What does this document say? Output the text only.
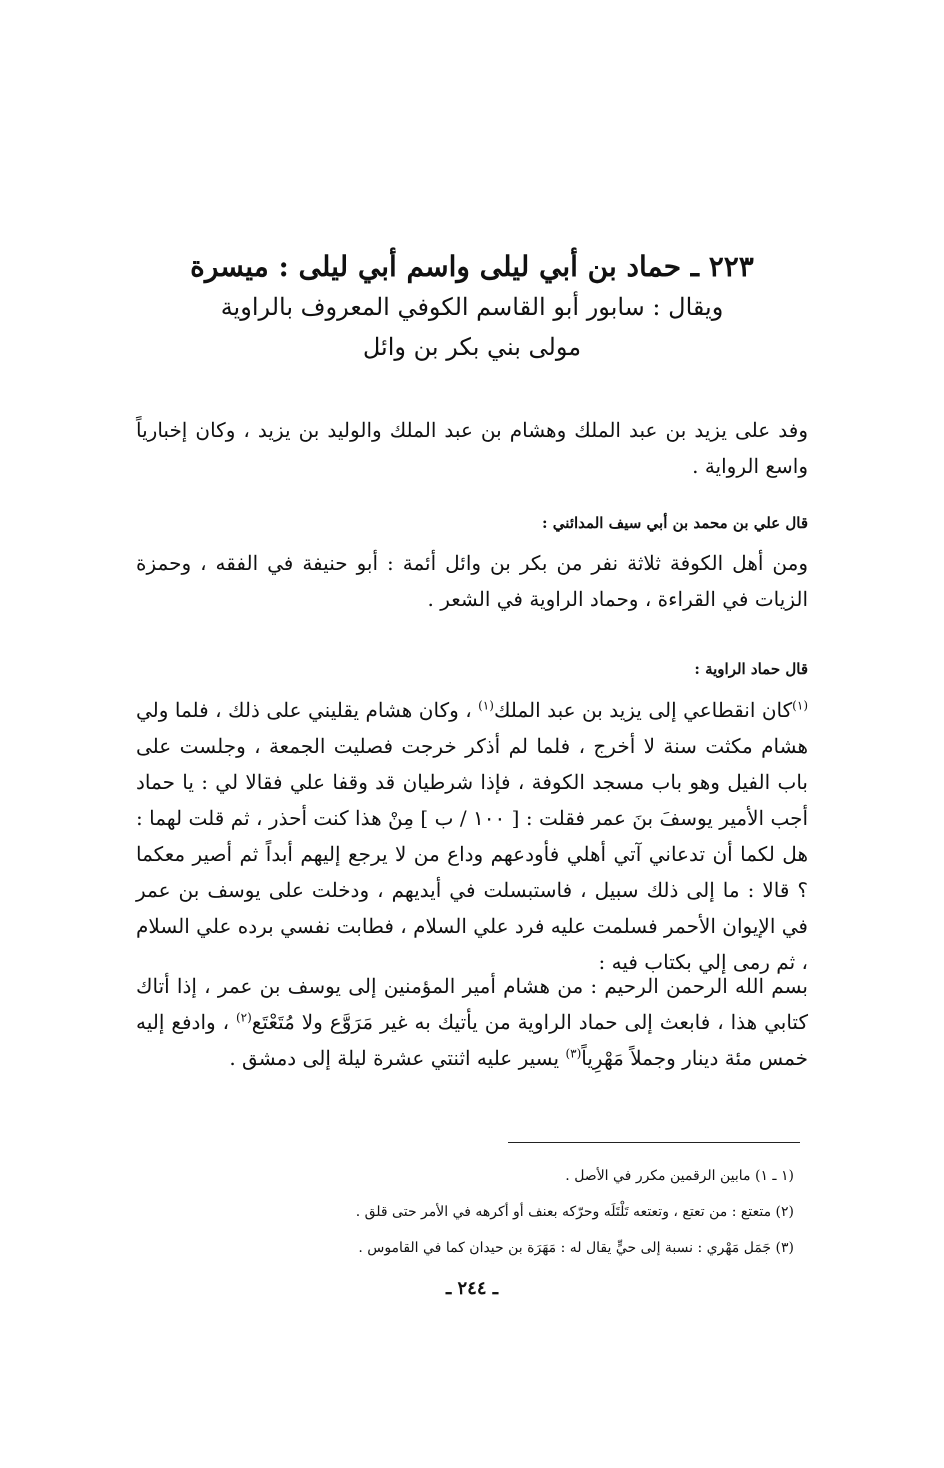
٢٢٣ ـ حماد بن أبي ليلى واسم أبي ليلى : ميسرة
ويقال : سابور أبو القاسم الكوفي المعروف بالراوية
مولى بني بكر بن وائل
وفد على يزيد بن عبد الملك وهشام بن عبد الملك والوليد بن يزيد ، وكان إخبارياً واسع الرواية .
قال علي بن محمد بن أبي سيف المدائني :
ومن أهل الكوفة ثلاثة نفر من بكر بن وائل أئمة : أبو حنيفة في الفقه ، وحمزة الزيات في القراءة ، وحماد الراوية في الشعر .
قال حماد الراوية :
$^{(١)}$كان انقطاعي إلى يزيد بن عبد الملك$^{(١)}$ ، وكان هشام يقليني على ذلك ، فلما ولي هشام مكثت سنة لا أخرج ، فلما لم أذكر خرجت فصليت الجمعة ، وجلست على باب الفيل وهو باب مسجد الكوفة ، فإذا شرطيان قد وقفا علي فقالا لي : يا حماد أجب الأمير يوسفَ بنَ عمر فقلت : [ ١٠٠ / ب ] مِنْ هذا كنت أحذر ، ثم قلت لهما : هل لكما أن تدعاني آتي أهلي فأودعهم وداع من لا يرجع إليهم أبداً ثم أصير معكما ؟ قالا : ما إلى ذلك سبيل ، فاستبسلت في أيديهم ، ودخلت على يوسف بن عمر في الإيوان الأحمر فسلمت عليه فرد علي السلام ، فطابت نفسي برده علي السلام ، ثم رمى إلي بكتاب فيه :
بسم الله الرحمن الرحيم : من هشام أمير المؤمنين إلى يوسف بن عمر ، إذا أتاك كتابي هذا ، فابعث إلى حماد الراوية من يأتيك به غير مَرَوَّع ولا مُتَعْتَع$^{(٢)}$ ، وادفع إليه خمس مئة دينار وجملاً مَهْرِياً$^{(٣)}$ يسير عليه اثنتي عشرة ليلة إلى دمشق .
(١ ـ ١) مابين الرقمين مكرر في الأصل .
(٢) متعتع : من تعتع ، وتعتعه تَلْتَلَه وحرّكه بعنف أو أكرهه في الأمر حتى قلق .
(٣) جَمَل مَهْري : نسبة إلى حيٍّ يقال له : مَهَرَة بن حيدان كما في القاموس .
ـ ٢٤٤ ـ
